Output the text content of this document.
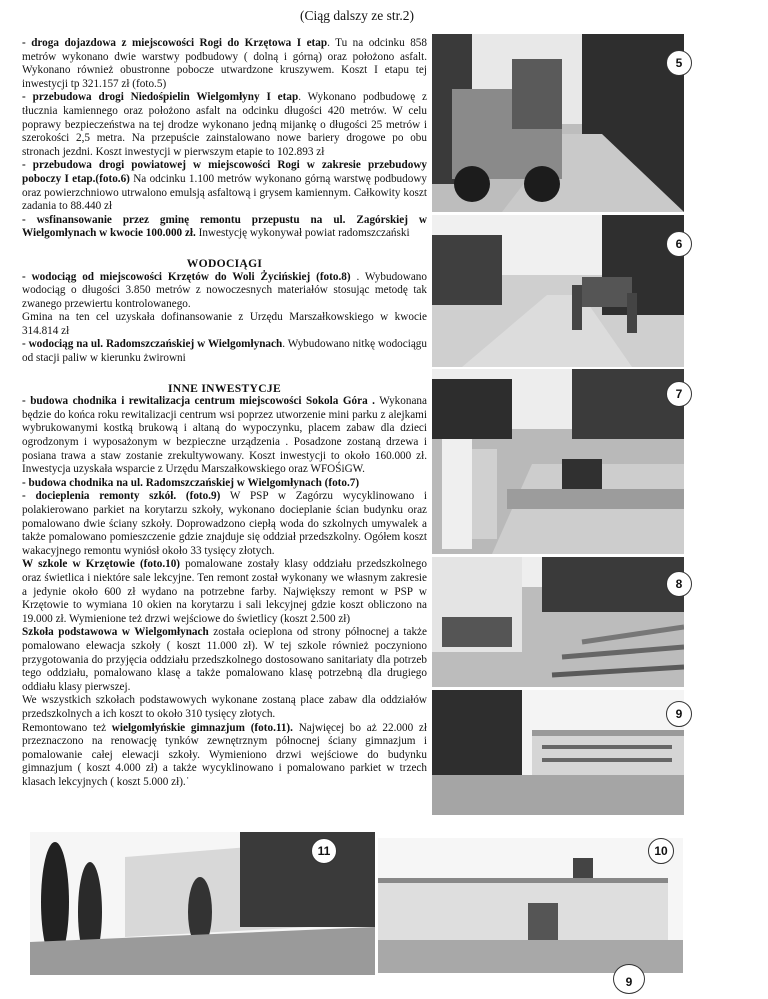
(Ciąg dalszy ze str.2)

- droga dojazdowa z miejscowości Rogi do Krzętowa I etap. Tu na odcinku 858 metrów wykonano dwie warstwy podbudowy ( dolną i górną) oraz położono asfalt. Wykonano również obustronne pobocze utwardzone kruszywem. Koszt I etapu tej inwestycji tp 321.157 zł (foto.5)

- przebudowa drogi Niedośpielin Wielgomłyny I etap. Wykonano podbudowę z tłucznia kamiennego oraz położono asfalt na odcinku długości 420 metrów. W celu poprawy bezpieczeństwa na tej drodze wykonano jedną mijankę o długości 25 metrów i szerokości 2,5 metra. Na przepuście zainstalowano nowe bariery drogowe po obu stronach jezdni. Koszt inwestycji w pierwszym etapie to 102.893 zł

- przebudowa drogi powiatowej w miejscowości Rogi w zakresie przebudowy poboczy I etap.(foto.6) Na odcinku 1.100 metrów wykonano górną warstwę podbudowy oraz powierzchniowo utrwalono emulsją asfaltową i grysem kamiennym. Całkowity koszt zadania to 88.440 zł

- wsfinansowanie przez gminę remontu przepustu na ul. Zagórskiej w Wielgomłynach w kwocie 100.000 zł. Inwestycję wykonywał powiat radomszczański

WODOCIĄGI

- wodociąg od miejscowości Krzętów do Woli Życińskiej (foto.8) . Wybudowano wodociąg o długości 3.850 metrów z nowoczesnych materiałów stosując metodę tak zwanego przewiertu kontrolowanego.

Gmina na ten cel uzyskała dofinansowanie z Urzędu Marszałkowskiego w kwocie 314.814 zł

- wodociąg na ul. Radomszczańskiej w Wielgomłynach. Wybudowano nitkę wodociągu od stacji paliw w kierunku żwirowni

INNE INWESTYCJE

- budowa chodnika i rewitalizacja centrum miejscowości Sokola Góra . Wykonana będzie do końca roku rewitalizacji centrum wsi poprzez utworzenie mini parku z alejkami wybrukowanymi kostką brukową i altaną do wypoczynku, placem zabaw dla dzieci ogrodzonym i wyposażonym w bezpieczne urządzenia . Posadzone zostaną drzewa i posiana trawa a staw zostanie zrekultywowany. Koszt inwestycji to około 160.000 zł. Inwestycja uzyskała wsparcie z Urzędu Marszałkowskiego oraz WFOŚiGW.

- budowa chodnika na ul. Radomszczańskiej w Wielgomłynach (foto.7)

- docieplenia remonty szkół. (foto.9) W PSP w Zagórzu wycyklinowano i polakierowano parkiet na korytarzu szkoły, wykonano docieplanie ścian budynku oraz pomalowano dwie ściany szkoły. Doprowadzono ciepłą woda do szkolnych umywalek a także pomalowano pomieszczenie gdzie znajduje się oddział przedszkolny. Ogółem koszt wakacyjnego remontu wyniósł około 33 tysięcy złotych.

W szkole w Krzętowie (foto.10) pomalowane zostały klasy oddziału przedszkolnego oraz świetlica i niektóre sale lekcyjne. Ten remont został wykonany we własnym zakresie a jedynie około 600 zł wydano na potrzebne farby. Największy remont w PSP w Krzętowie to wymiana 10 okien na korytarzu i sali lekcyjnej gdzie koszt obliczono na 19.000 zł. Wymienione też drzwi wejściowe do świetlicy (koszt 2.500 zł)

Szkoła podstawowa w Wielgomłynach została ocieplona od strony północnej a także pomalowano elewacja szkoły ( koszt 11.000 zł). W tej szkole również poczyniono przygotowania do przyjęcia oddziału przedszkolnego dostosowano sanitariaty dla potrzeb tego oddziału, pomalowano klasę a także pomalowano klasę potrzebną dla drugiego oddiału klasy pierwszej.

We wszystkich szkołach podstawowych wykonane zostaną place zabaw dla oddziałów przedszkolnych a ich koszt to około 310 tysięcy złotych.

Remontowano też wielgomłyńskie gimnazjum (foto.11). Najwięcej bo aż 22.000 zł przeznaczono na renowację tynków zewnętrznym północnej ściany gimnazjum i pomalowanie całej elewacji szkoły. Wymieniono drzwi wejściowe do budynku gimnazjum ( koszt 4.000 zł) a także wycyklinowano i pomalowano parkiet w trzech klasach lekcyjnych ( koszt 5.000 zł).˙

5
6
7
8
9
11	10
9
